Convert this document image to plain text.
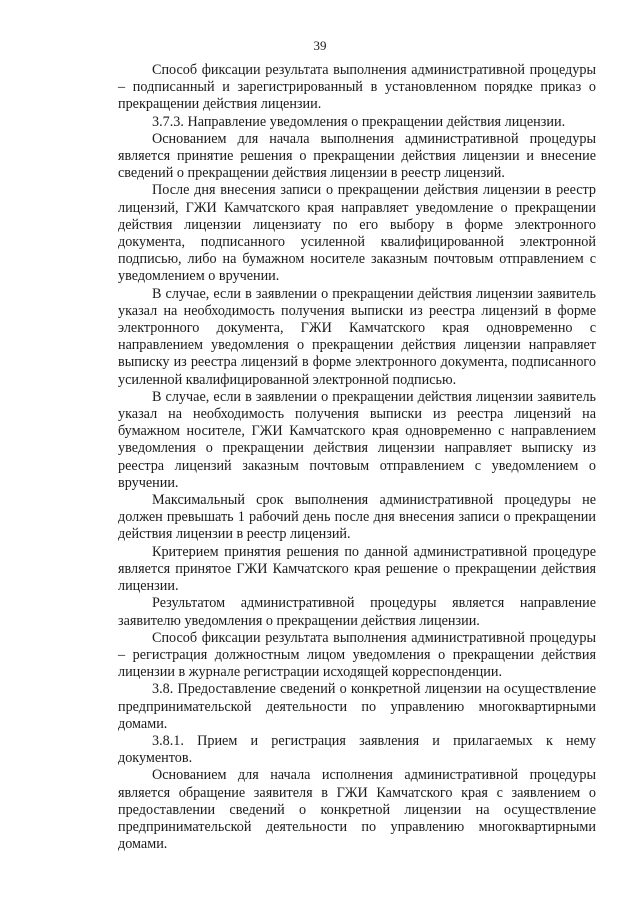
39

Способ фиксации результата выполнения административной процедуры – подписанный и зарегистрированный в установленном порядке приказ о прекращении действия лицензии.

3.7.3. Направление уведомления о прекращении действия лицензии.

Основанием для начала выполнения административной процедуры является принятие решения о прекращении действия лицензии и внесение сведений о прекращении действия лицензии в реестр лицензий.

После дня внесения записи о прекращении действия лицензии в реестр лицензий, ГЖИ Камчатского края направляет уведомление о прекращении действия лицензии лицензиату по его выбору в форме электронного документа, подписанного усиленной квалифицированной электронной подписью, либо на бумажном носителе заказным почтовым отправлением с уведомлением о вручении.

В случае, если в заявлении о прекращении действия лицензии заявитель указал на необходимость получения выписки из реестра лицензий в форме электронного документа, ГЖИ Камчатского края одновременно с направлением уведомления о прекращении действия лицензии направляет выписку из реестра лицензий в форме электронного документа, подписанного усиленной квалифицированной электронной подписью.

В случае, если в заявлении о прекращении действия лицензии заявитель указал на необходимость получения выписки из реестра лицензий на бумажном носителе, ГЖИ Камчатского края одновременно с направлением уведомления о прекращении действия лицензии направляет выписку из реестра лицензий заказным почтовым отправлением с уведомлением о вручении.

Максимальный срок выполнения административной процедуры не должен превышать 1 рабочий день после дня внесения записи о прекращении действия лицензии в реестр лицензий.

Критерием принятия решения по данной административной процедуре является принятое ГЖИ Камчатского края решение о прекращении действия лицензии.

Результатом административной процедуры является направление заявителю уведомления о прекращении действия лицензии.

Способ фиксации результата выполнения административной процедуры – регистрация должностным лицом уведомления о прекращении действия лицензии в журнале регистрации исходящей корреспонденции.

3.8. Предоставление сведений о конкретной лицензии на осуществление предпринимательской деятельности по управлению многоквартирными домами.

3.8.1. Прием и регистрация заявления и прилагаемых к нему документов.

Основанием для начала исполнения административной процедуры является обращение заявителя в ГЖИ Камчатского края с заявлением о предоставлении сведений о конкретной лицензии на осуществление предпринимательской деятельности по управлению многоквартирными домами.
